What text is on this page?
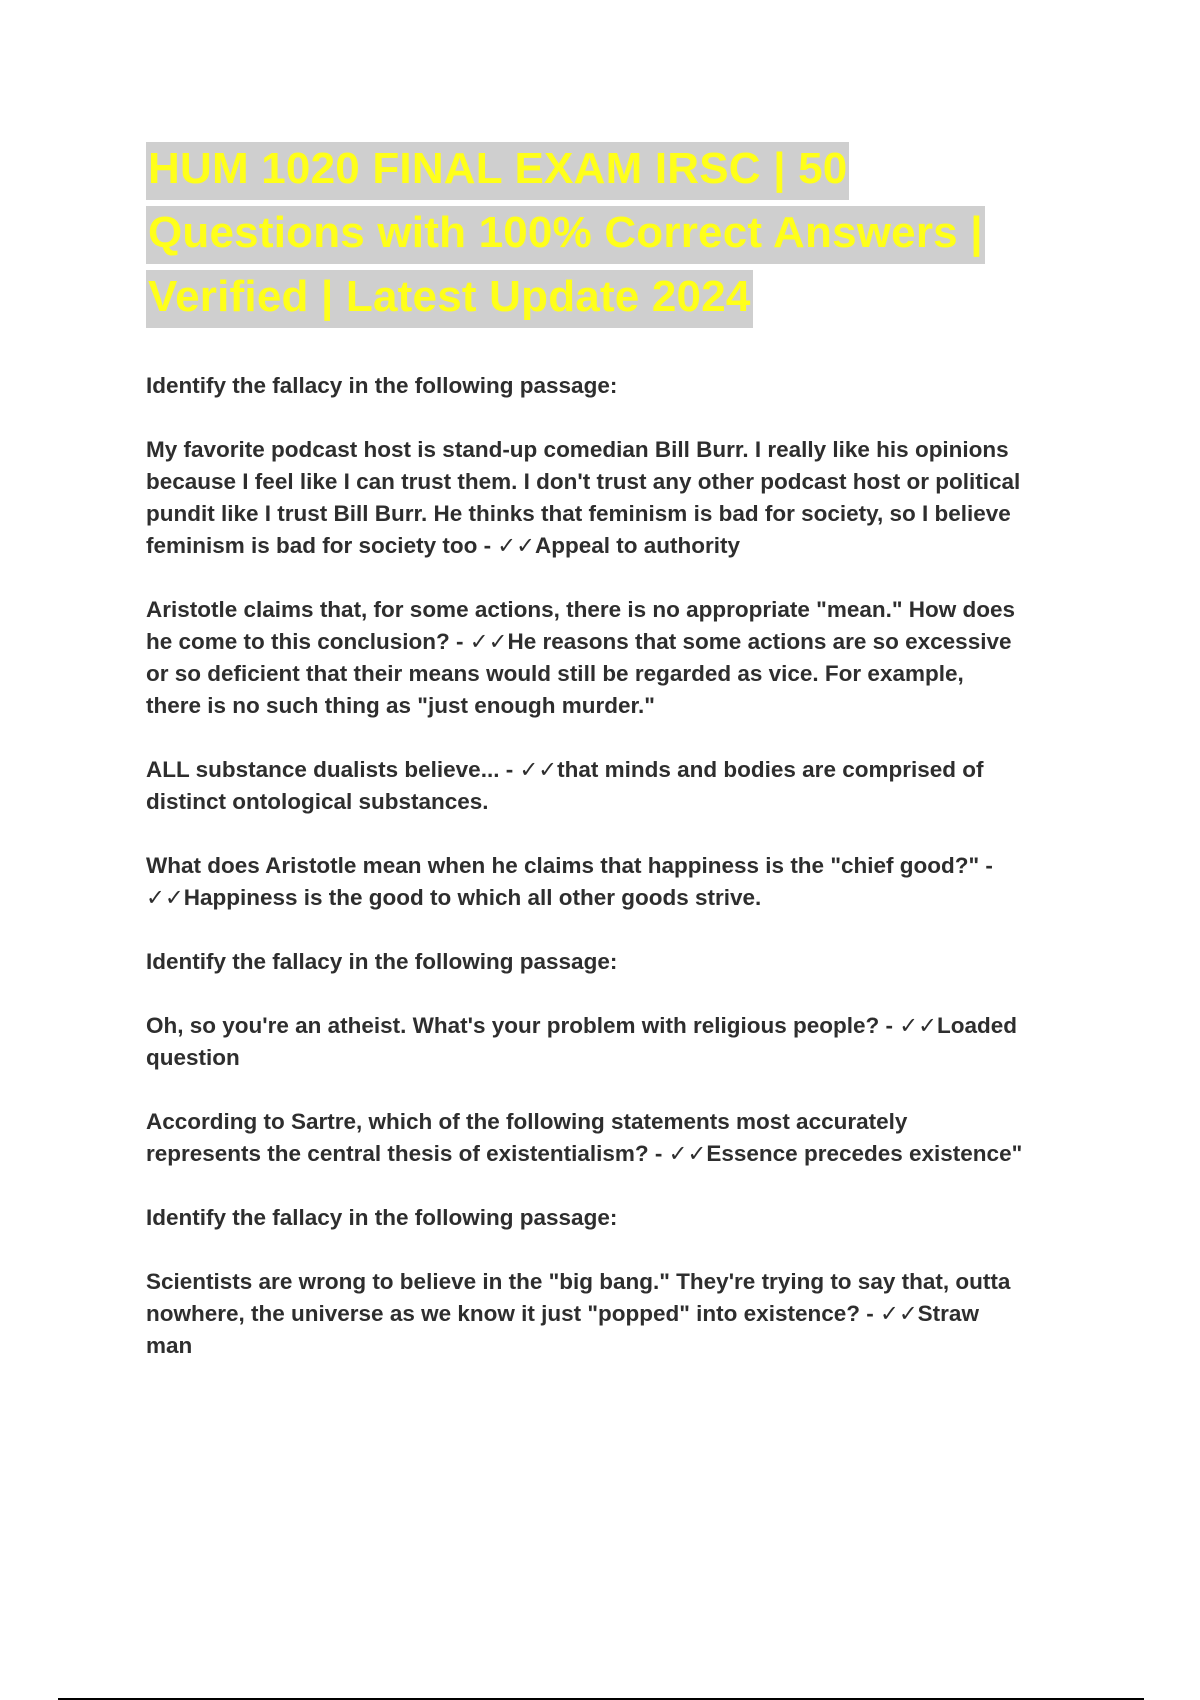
HUM 1020 FINAL EXAM IRSC | 50
Questions with 100% Correct Answers |
Verified | Latest Update 2024
Identify the fallacy in the following passage:
My favorite podcast host is stand-up comedian Bill Burr. I really like his opinions
because I feel like I can trust them. I don't trust any other podcast host or political
pundit like I trust Bill Burr. He thinks that feminism is bad for society, so I believe
feminism is bad for society too - ✓✓Appeal to authority
Aristotle claims that, for some actions, there is no appropriate "mean." How does
he come to this conclusion? - ✓✓He reasons that some actions are so excessive
or so deficient that their means would still be regarded as vice. For example,
there is no such thing as "just enough murder."
ALL substance dualists believe... - ✓✓that minds and bodies are comprised of
distinct ontological substances.
What does Aristotle mean when he claims that happiness is the "chief good?" -
✓✓Happiness is the good to which all other goods strive.
Identify the fallacy in the following passage:
Oh, so you're an atheist. What's your problem with religious people? - ✓✓Loaded
question
According to Sartre, which of the following statements most accurately
represents the central thesis of existentialism? - ✓✓Essence precedes existence"
Identify the fallacy in the following passage:
Scientists are wrong to believe in the "big bang." They're trying to say that, outta
nowhere, the universe as we know it just "popped" into existence? - ✓✓Straw
man
